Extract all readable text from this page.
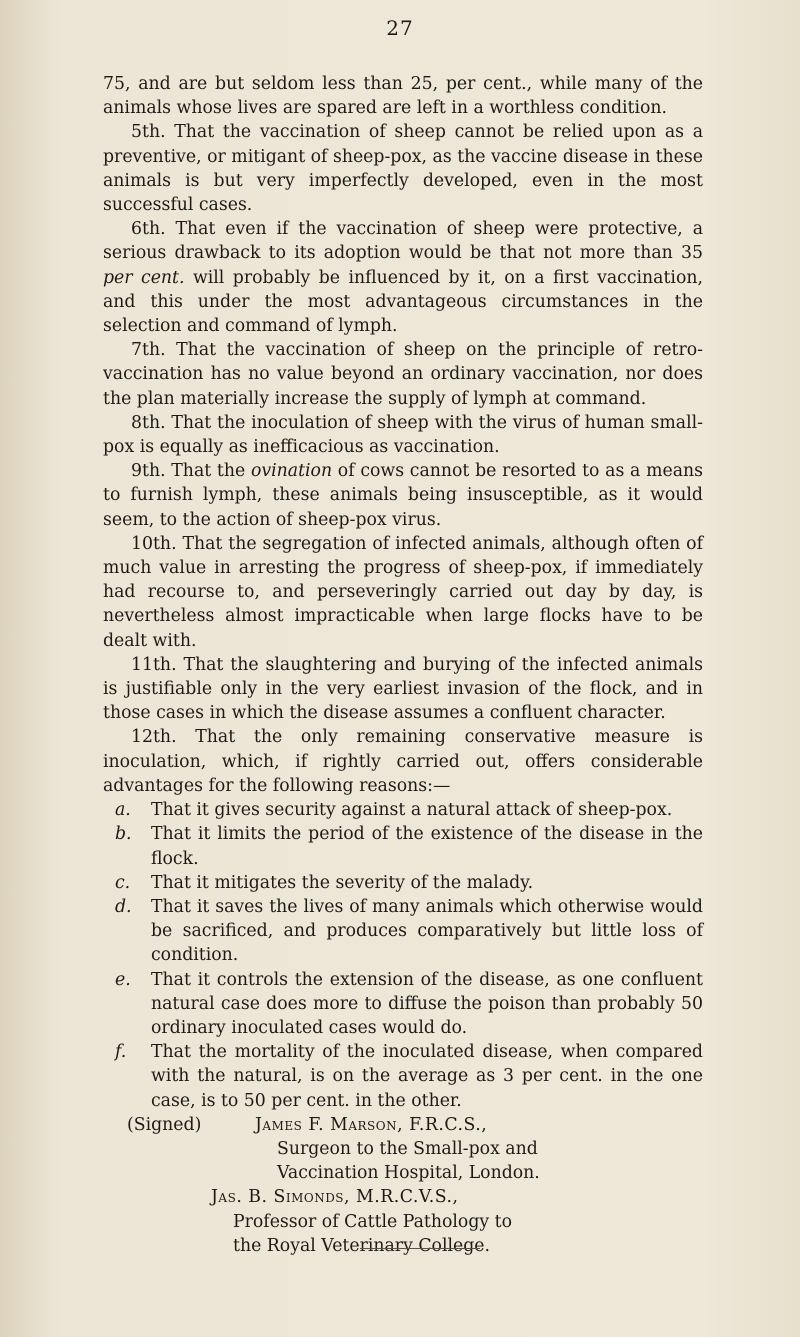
27

75, and are but seldom less than 25, per cent., while many of the animals whose lives are spared are left in a worthless condition.

5th. That the vaccination of sheep cannot be relied upon as a preventive, or mitigant of sheep-pox, as the vaccine disease in these animals is but very imperfectly developed, even in the most successful cases.

6th. That even if the vaccination of sheep were protective, a serious drawback to its adoption would be that not more than 35 per cent. will probably be influenced by it, on a first vaccination, and this under the most advantageous circumstances in the selection and command of lymph.

7th. That the vaccination of sheep on the principle of retro-vaccination has no value beyond an ordinary vaccination, nor does the plan materially increase the supply of lymph at command.

8th. That the inoculation of sheep with the virus of human small-pox is equally as inefficacious as vaccination.

9th. That the ovination of cows cannot be resorted to as a means to furnish lymph, these animals being insusceptible, as it would seem, to the action of sheep-pox virus.

10th. That the segregation of infected animals, although often of much value in arresting the progress of sheep-pox, if immediately had recourse to, and perseveringly carried out day by day, is nevertheless almost impracticable when large flocks have to be dealt with.

11th. That the slaughtering and burying of the infected animals is justifiable only in the very earliest invasion of the flock, and in those cases in which the disease assumes a confluent character.

12th. That the only remaining conservative measure is inoculation, which, if rightly carried out, offers considerable advantages for the following reasons:—

a. That it gives security against a natural attack of sheep-pox.
b. That it limits the period of the existence of the disease in the flock.
c. That it mitigates the severity of the malady.
d. That it saves the lives of many animals which otherwise would be sacrificed, and produces comparatively but little loss of condition.
e. That it controls the extension of the disease, as one confluent natural case does more to diffuse the poison than probably 50 ordinary inoculated cases would do.
f. That the mortality of the inoculated disease, when compared with the natural, is on the average as 3 per cent. in the one case, is to 50 per cent. in the other.
(Signed)	James F. Marson, F.R.C.S.,
Surgeon to the Small-pox and
Vaccination Hospital, London.
Jas. B. Simonds, M.R.C.V.S.,
Professor of Cattle Pathology to
the Royal Veterinary College.
